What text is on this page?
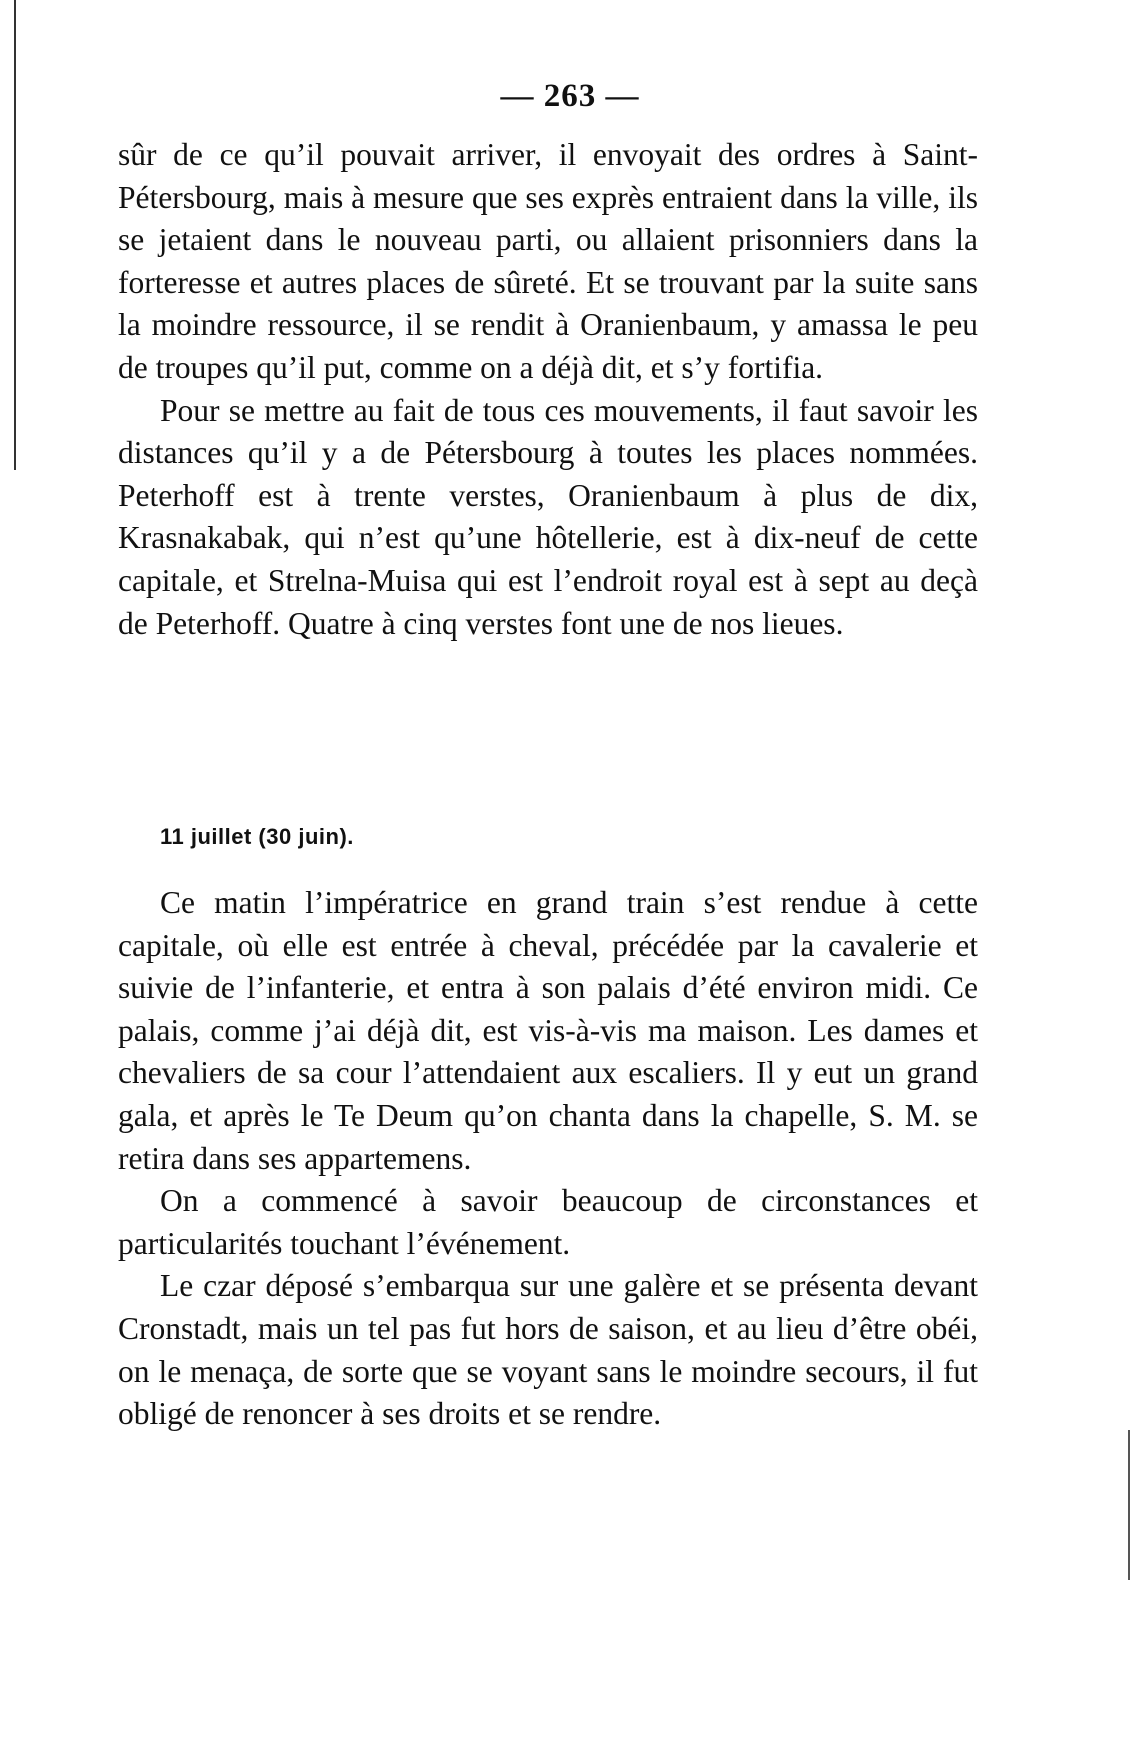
— 263 —

sûr de ce qu’il pouvait arriver, il envoyait des ordres à Saint-Pétersbourg, mais à mesure que ses exprès entraient dans la ville, ils se jetaient dans le nouveau parti, ou allaient prisonniers dans la forteresse et autres places de sûreté. Et se trouvant par la suite sans la moindre ressource, il se rendit à Oranienbaum, y amassa le peu de troupes qu’il put, comme on a déjà dit, et s’y fortifia.

Pour se mettre au fait de tous ces mouvements, il faut savoir les distances qu’il y a de Pétersbourg à toutes les places nommées. Peterhoff est à trente verstes, Oranienbaum à plus de dix, Krasnakabak, qui n’est qu’une hôtellerie, est à dix-neuf de cette capitale, et Strelna-Muisa qui est l’endroit royal est à sept au deçà de Peterhoff. Quatre à cinq verstes font une de nos lieues.

11 juillet (30 juin).

Ce matin l’impératrice en grand train s’est rendue à cette capitale, où elle est entrée à cheval, précédée par la cavalerie et suivie de l’infanterie, et entra à son palais d’été environ midi. Ce palais, comme j’ai déjà dit, est vis-à-vis ma maison. Les dames et chevaliers de sa cour l’attendaient aux escaliers. Il y eut un grand gala, et après le Te Deum qu’on chanta dans la chapelle, S. M. se retira dans ses appartemens.

On a commencé à savoir beaucoup de circonstances et particularités touchant l’événement.

Le czar déposé s’embarqua sur une galère et se présenta devant Cronstadt, mais un tel pas fut hors de saison, et au lieu d’être obéi, on le menaça, de sorte que se voyant sans le moindre secours, il fut obligé de renoncer à ses droits et se rendre.
